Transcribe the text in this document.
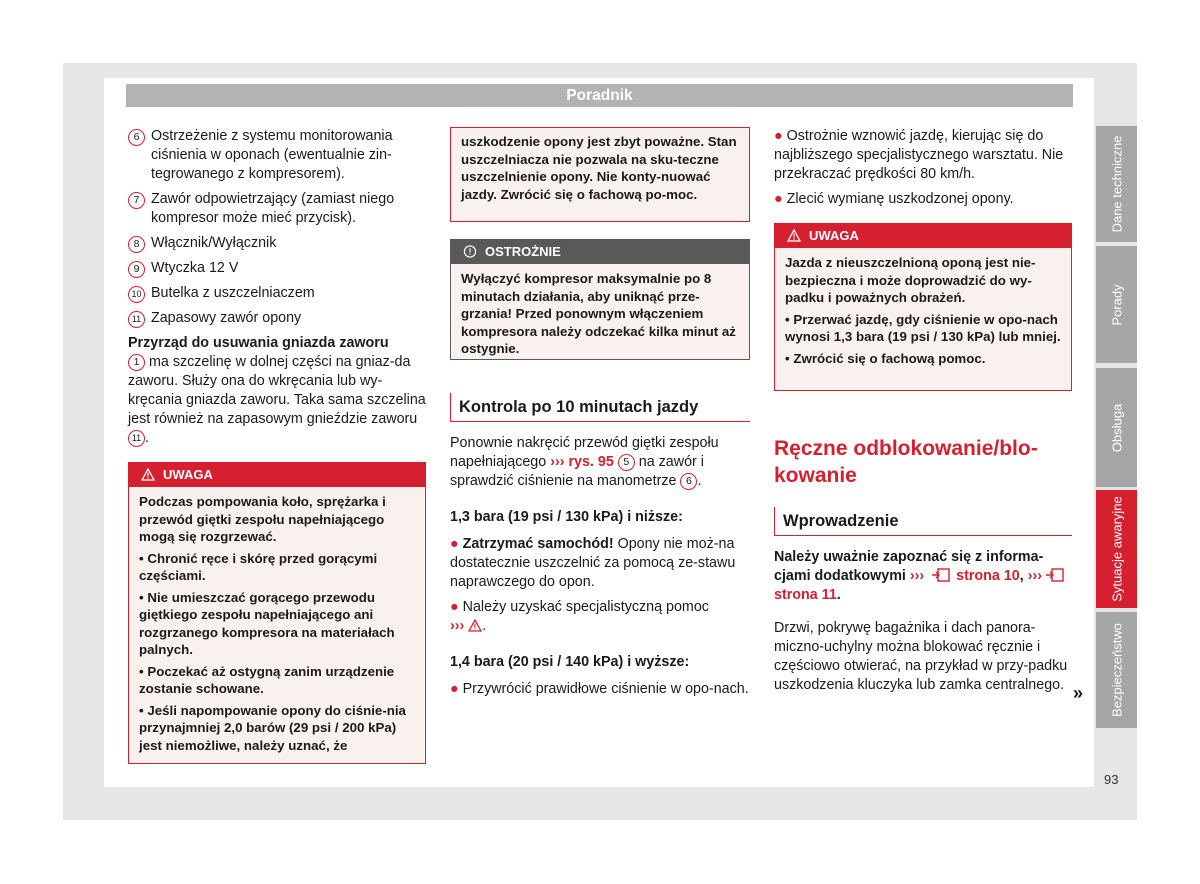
Poradnik
6 Ostrzeżenie z systemu monitorowania ciśnienia w oponach (ewentualnie zin-tegrowanego z kompresorem).
7 Zawór odpowietrzający (zamiast niego kompresor może mieć przycisk).
8 Włącznik/Wyłącznik
9 Wtyczka 12 V
10 Butelka z uszczelniaczem
11 Zapasowy zawór opony

Przyrząd do usuwania gniazda zaworu

1 ma szczelinę w dolnej części na gniaz-da zaworu. Służy ona do wkręcania lub wy-kręcania gniazda zaworu. Taka sama szczelina jest również na zapasowym gnieździe zaworu 11 .

UWAGA

Podczas pompowania koło, sprężarka i przewód giętki zespołu napełniającego mogą się rozgrzewać.

• Chronić ręce i skórę przed gorącymi częściami.

• Nie umieszczać gorącego przewodu giętkiego zespołu napełniającego ani rozgrzanego kompresora na materiałach palnych.

• Poczekać aż ostygną zanim urządzenie zostanie schowane.

• Jeśli napompowanie opony do ciśnie-nia przynajmniej 2,0 barów (29 psi / 200 kPa) jest niemożliwe, należy uznać, że

uszkodzenie opony jest zbyt poważne. Stan uszczelniacza nie pozwala na sku-teczne uszczelnienie opony. Nie konty-nuować jazdy. Zwrócić się o fachową po-moc.

OSTROŻNIE

Wyłączyć kompresor maksymalnie po 8 minutach działania, aby uniknąć prze-grzania! Przed ponownym włączeniem kompresora należy odczekać kilka minut aż ostygnie.

Kontrola po 10 minutach jazdy

Ponownie nakręcić przewód giętki zespołu napełniającego ››› rys. 95 5 na zawór i sprawdzić ciśnienie na manometrze 6 .

1,3 bara (19 psi / 130 kPa) i niższe:

● Zatrzymać samochód! Opony nie moż-na dostatecznie uszczelnić za pomocą ze-stawu naprawczego do opon.

● Należy uzyskać specjalistyczną pomoc
››› .

1,4 bara (20 psi / 140 kPa) i wyższe:

● Przywrócić prawidłowe ciśnienie w opo-nach.

● Ostrożnie wznowić jazdę, kierując się do najbliższego specjalistycznego warsztatu. Nie przekraczać prędkości 80 km/h.

● Zlecić wymianę uszkodzonej opony.

UWAGA

Jazda z nieuszczelnioną oponą jest nie-bezpieczna i może doprowadzić do wy-padku i poważnych obrażeń.

• Przerwać jazdę, gdy ciśnienie w opo-nach wynosi 1,3 bara (19 psi / 130 kPa) lub mniej.

• Zwrócić się o fachową pomoc.

Ręczne odblokowanie/blo-kowanie

Wprowadzenie

Należy uważnie zapoznać się z informa-cjami dodatkowymi ››› strona 10, ›››strona 11.

Drzwi, pokrywę bagażnika i dach panora-miczno-uchylny można blokować ręcznie i częściowo otwierać, na przykład w przy-padku uszkodzenia kluczyka lub zamka centralnego. »
Dane techniczne
Porady
Obsługa
Sytuacje awaryjne
Bezpieczeństwo
93
